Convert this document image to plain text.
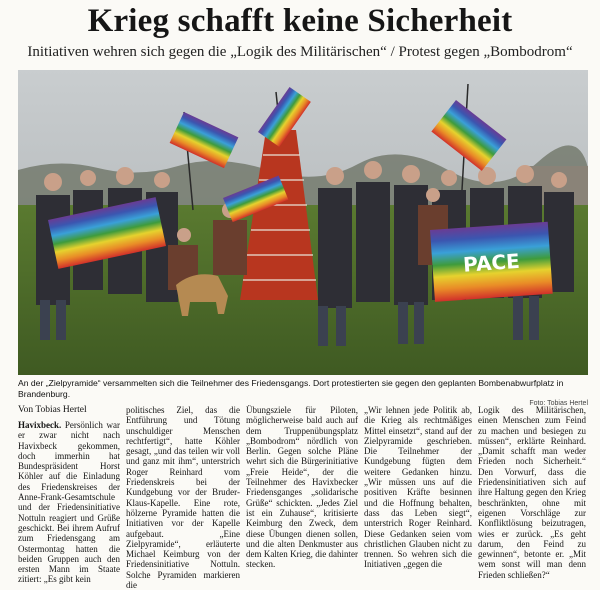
Krieg schafft keine Sicherheit
Initiativen wehren sich gegen die „Logik des Militärischen“ / Protest gegen „Bombodrom“
PACE
An der „Zielpyramide“ versammelten sich die Teilnehmer des Friedensgangs. Dort protestierten sie gegen den geplanten Bombenabwurfplatz in Brandenburg.
Foto: Tobias Hertel
Von Tobias Hertel
Havixbeck. Persönlich war er zwar nicht nach Havixbeck gekommen, doch immerhin hat Bundespräsident Horst Köhler auf die Einladung des Friedenskreises der Anne-Frank-Gesamtschule und der Friedensinitiative Nottuln reagiert und Grüße geschickt. Bei ihrem Aufruf zum Friedensgang am Ostermontag hatten die beiden Gruppen auch den ersten Mann im Staate zitiert: „Es gibt kein
politisches Ziel, das die Entführung und Tötung unschuldiger Menschen rechtfertigt“, hatte Köhler gesagt, „und das teilen wir voll und ganz mit ihm“, unterstrich Roger Reinhard vom Friedenskreis bei der Kundgebung vor der Bruder-Klaus-Kapelle. Eine rote, hölzerne Pyramide hatten die Initiativen vor der Kapelle aufgebaut. „Eine Zielpyramide“, erläuterte Michael Keimburg von der Friedensinitiative Nottuln. Solche Pyramiden markieren die
Übungsziele für Piloten, möglicherweise bald auch auf dem Truppenübungsplatz „Bombodrom“ nördlich von Berlin. Gegen solche Pläne wehrt sich die Bürgerinitiative „Freie Heide“, der die Teilnehmer des Havixbecker Friedensganges „solidarische Grüße“ schickten. „Jedes Ziel ist ein Zuhause“, kritisierte Keimburg den Zweck, dem diese Übungen dienen sollen, und die alten Denkmuster aus dem Kalten Krieg, die dahinter stecken.
„Wir lehnen jede Politik ab, die Krieg als rechtmäßiges Mittel einsetzt“, stand auf der Zielpyramide geschrieben. Die Teilnehmer der Kundgebung fügten dem weitere Gedanken hinzu. „Wir müssen uns auf die positiven Kräfte besinnen und die Hoffnung behalten, dass das Leben siegt“, unterstrich Roger Reinhard. Diese Gedanken seien vom christlichen Glauben nicht zu trennen. So wehren sich die Initiativen „gegen die
Logik des Militärischen, einen Menschen zum Feind zu machen und besiegen zu müssen“, erklärte Reinhard. „Damit schafft man weder Frieden noch Sicherheit.“ Den Vorwurf, dass die Friedensinitiativen sich auf ihre Haltung gegen den Krieg beschränkten, ohne mit eigenen Vorschläge zur Konfliktlösung beizutragen, wies er zurück. „Es geht darum, den Feind zu gewinnen“, betonte er. „Mit wem sonst will man denn Frieden schließen?“
